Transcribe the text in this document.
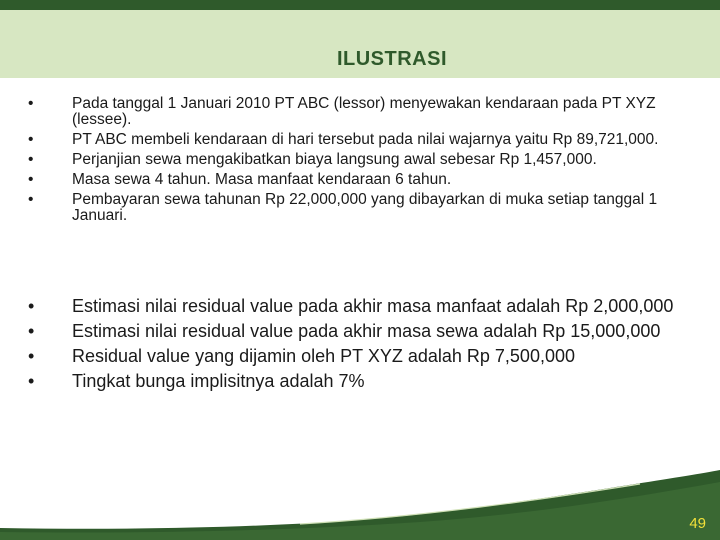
ILUSTRASI
• Pada tanggal 1 Januari 2010 PT ABC (lessor) menyewakan kendaraan pada PT XYZ (lessee).
• PT ABC membeli kendaraan di hari tersebut pada nilai wajarnya yaitu Rp 89,721,000.
• Perjanjian sewa mengakibatkan biaya langsung awal sebesar Rp 1,457,000.
• Masa sewa 4 tahun. Masa manfaat kendaraan 6 tahun.
• Pembayaran sewa tahunan Rp 22,000,000 yang dibayarkan di muka setiap tanggal 1 Januari.
• Estimasi nilai residual value pada akhir masa manfaat adalah Rp 2,000,000
• Estimasi nilai residual value pada akhir masa sewa adalah Rp 15,000,000
• Residual value yang dijamin oleh PT XYZ adalah Rp 7,500,000
• Tingkat bunga implisitnya adalah 7%
49
